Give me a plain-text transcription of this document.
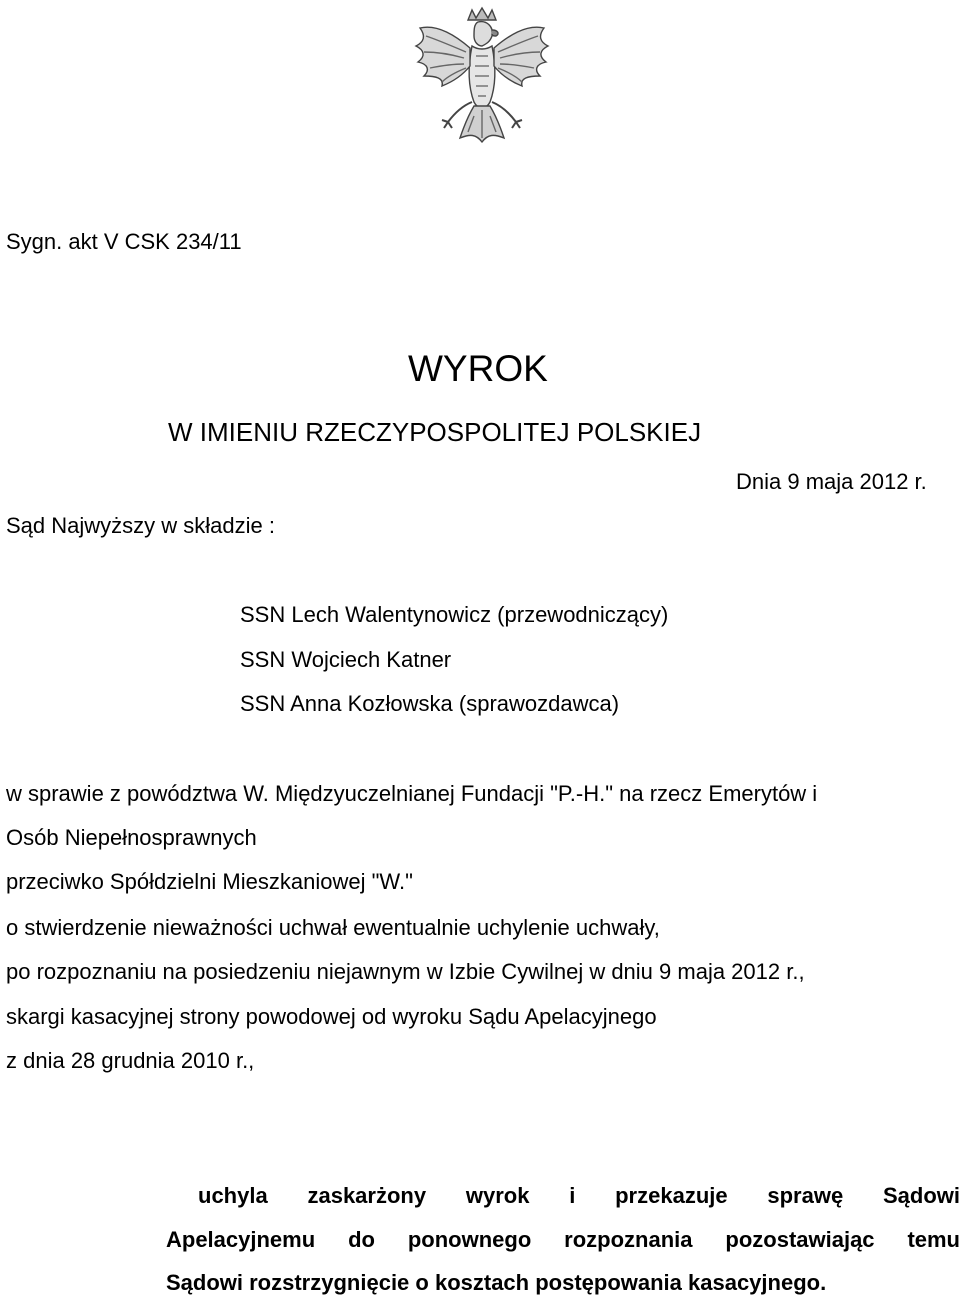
Sygn. akt V CSK 234/11
WYROK
W IMIENIU RZECZYPOSPOLITEJ POLSKIEJ
Dnia 9 maja 2012 r.
Sąd Najwyższy w składzie :
SSN Lech Walentynowicz (przewodniczący)
SSN Wojciech Katner
SSN Anna Kozłowska (sprawozdawca)
w sprawie z powództwa W. Międzyuczelnianej Fundacji "P.-H." na rzecz Emerytów i
Osób Niepełnosprawnych
przeciwko Spółdzielni Mieszkaniowej "W."
o stwierdzenie nieważności uchwał ewentualnie uchylenie uchwały,
po rozpoznaniu na posiedzeniu niejawnym w Izbie Cywilnej w dniu 9 maja 2012 r.,
skargi kasacyjnej strony powodowej od wyroku Sądu Apelacyjnego
z dnia 28 grudnia 2010 r.,
uchyla zaskarżony wyrok i przekazuje sprawę Sądowi
Apelacyjnemu do ponownego rozpoznania pozostawiając temu
Sądowi rozstrzygnięcie o kosztach postępowania kasacyjnego.
